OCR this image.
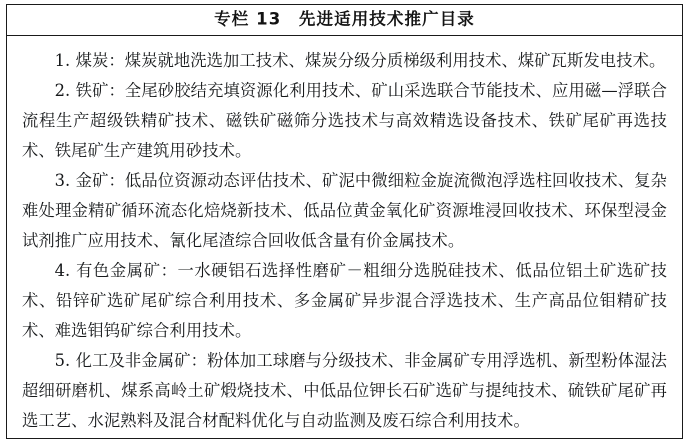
专栏 13　先进适用技术推广目录

1. 煤炭：煤炭就地洗选加工技术、煤炭分级分质梯级利用技术、煤矿瓦斯发电技术。

2. 铁矿：全尾砂胶结充填资源化利用技术、矿山采选联合节能技术、应用磁—浮联合流程生产超级铁精矿技术、磁铁矿磁筛分选技术与高效精选设备技术、铁矿尾矿再选技术、铁尾矿生产建筑用砂技术。

3. 金矿：低品位资源动态评估技术、矿泥中微细粒金旋流微泡浮选柱回收技术、复杂难处理金精矿循环流态化焙烧新技术、低品位黄金氧化矿资源堆浸回收技术、环保型浸金试剂推广应用技术、氰化尾渣综合回收低含量有价金属技术。

4. 有色金属矿：一水硬铝石选择性磨矿－粗细分选脱硅技术、低品位铝土矿选矿技术、铅锌矿选矿尾矿综合利用技术、多金属矿异步混合浮选技术、生产高品位钼精矿技术、难选钼钨矿综合利用技术。

5. 化工及非金属矿：粉体加工球磨与分级技术、非金属矿专用浮选机、新型粉体湿法超细研磨机、煤系高岭土矿煅烧技术、中低品位钾长石矿选矿与提纯技术、硫铁矿尾矿再选工艺、水泥熟料及混合材配料优化与自动监测及废石综合利用技术。
